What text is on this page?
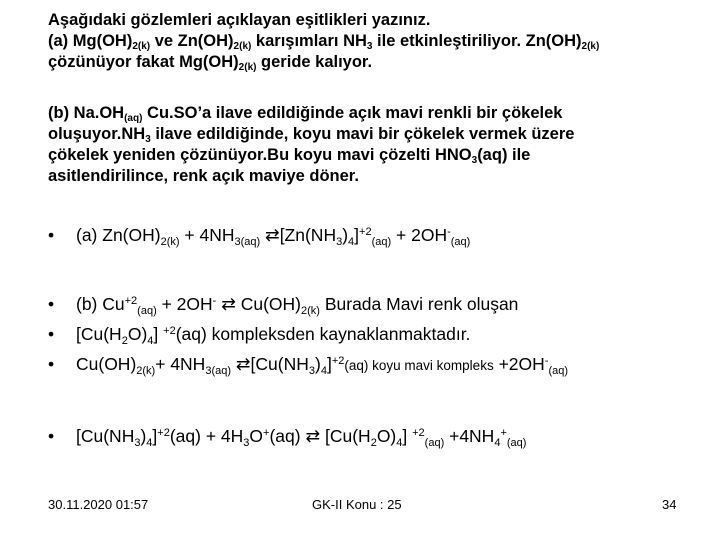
Aşağıdaki gözlemleri açıklayan eşitlikleri yazınız.
(a) $Mg(OH)_{2(k)}$ ve $Zn(OH)_{2(k)}$ karışımları $NH_3$ ile etkinleştiriliyor. $Zn(OH)_{2(k)}$
çözünüyor fakat $Mg(OH)_{2(k)}$ geride kalıyor.
(b) $Na.OH_{(aq)}$ Cu.SO’a ilave edildiğinde açık mavi renkli bir çökelek
$oluşuyor.NH_3$ ilave edildiğinde, koyu mavi bir çökelek vermek üzere
çökelek yeniden çözünüyor.Bu koyu mavi çözelti $HNO_3(aq)$ ile
asitlendirilince, renk açık maviye döner.
• (a) $Zn(OH)_{2(k)} + 4NH_{3(aq)}$ $⇄[Zn(NH_3)_4]^{+2}_{(aq)} + 2OH^-_{(aq)}$
• (b) $Cu^{+2}_{(aq)} + 2OH^-$ ⇄ $Cu(OH)_{2(k)}$ Burada Mavi renk oluşan
• $[Cu(H_2O)_4]$ $^{+2}$(aq) kompleksden kaynaklanmaktadır.
• $Cu(OH)_{2(k)}+ 4NH_{3(aq)}$ $⇄[Cu(NH_3)_4]^{+2}(aq)$ koyu mavi kompleks $+2OH^-_{(aq)}$
• $[Cu(NH_3)_4]^{+2}(aq) + 4H_3O^+(aq)$ ⇄ $[Cu(H_2O)_4]$ $^{+2}_{(aq)} +4NH_4^+_{(aq)}$
30.11.2020 01:57	GK-II Konu : 25	34
